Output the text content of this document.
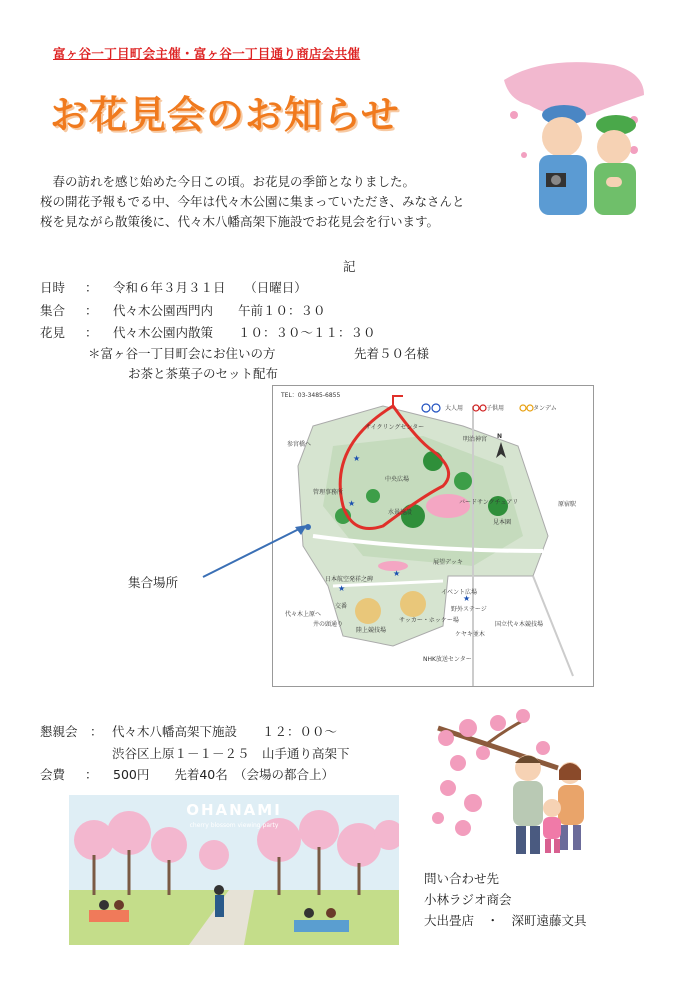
富ヶ谷一丁目町会主催・富ヶ谷一丁目通り商店会共催
お花見会のお知らせ

春の訪れを感じ始めた今日この頃。お花見の季節となりました。

桜の開花予報もでる中、今年は代々木公園に集まっていただき、みなさんと

桜を見ながら散策後に、代々木八幡高架下施設でお花見会を行います。

記
日時 ： 令和６年３月３１日　　（日曜日）
集合 ： 代々木公園西門内　　午前１０：３０
花見 ： 代々木公園内散策　　１０：３０～１１：３０
＊富ヶ谷一丁目町会にお住いの方	先着５０名様
お茶と茶菓子のセット配布
★
★
★
★
★
N
TEL：03-3485-6855
大人用	子供用	タンデム
サイクリングセンター
明治神宮
参宮橋へ
中央広場
管理事務所
水景施設
バードサンクチュアリ
見本園
原宿駅
展望デッキ
日本航空発祥之碑
イベント広場
野外ステージ
サッカー・ホッケー場
陸上競技場
国立代々木競技場
ケヤキ並木
NHK放送センター
交番
代々木上原へ
井の頭通り
集合場所
懇親会 ： 代々木八幡高架下施設　　１２：００～
渋谷区上原１－１－２５　山手通り高架下
会費 ： 500円　　先着40名　（会場の都合上）
OHANAMI
cherry blossom viewing party
問い合わせ先
小林ラジオ商会
大出畳店　・　深町遠藤文具
